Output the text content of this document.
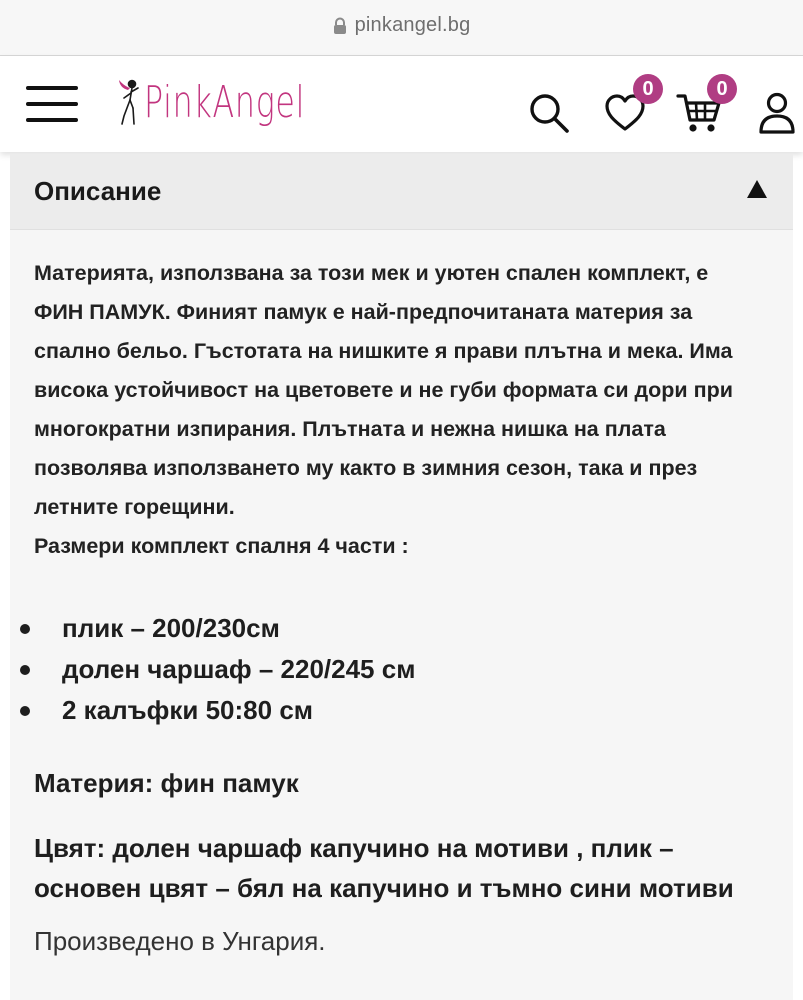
pinkangel.bg
PinkAngel	0	0
Описание
Материята, използвана за този мек и уютен спален комплект, е
ФИН ПАМУК. Финият памук е най-предпочитаната материя за
спално бельо. Гъстотата на нишките я прави плътна и мека. Има
висока устойчивост на цветовете и не губи формата си дори при
многократни изпирания. Плътната и нежна нишка на плата
позволява използването му както в зимния сезон, така и през
летните горещини.
Размери комплект спалня 4 части :
плик – 200/230см
долен чаршаф – 220/245 см
2 калъфки 50:80 см
Материя: фин памук
Цвят: долен чаршаф капучино на мотиви , плик –
основен цвят – бял на капучино и тъмно сини мотиви
Произведено в Унгария.
